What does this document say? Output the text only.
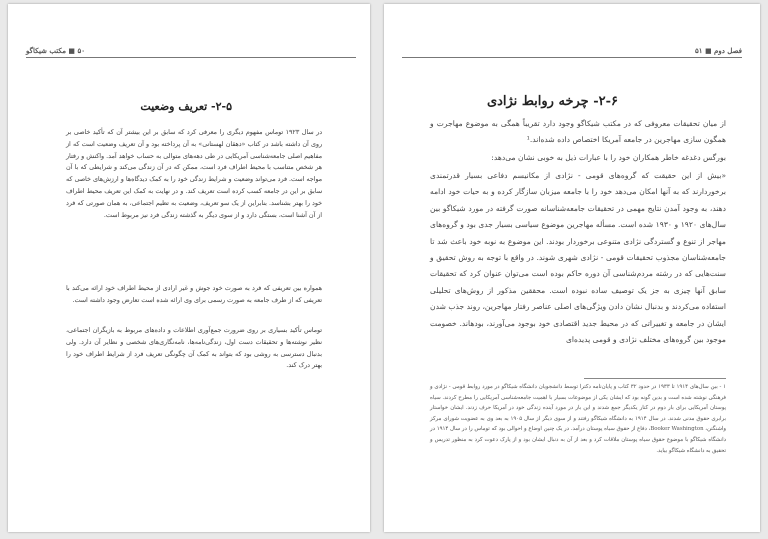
۵۰ ■ مکتب شیکاگو
۲-۵- تعریف وضعیت

در سال ۱۹۲۳ توماس مفهوم دیگری را معرفی کرد که سابق بر این بیشتر آن که تأکید خاصی بر روی آن داشته باشد در کتاب «دهقان لهستانی» به آن پرداخته بود و آن تعریف وضعیت است که از مفاهیم اصلی جامعه‌شناسی آمریکایی در طی دهه‌های متوالی به حساب خواهد آمد. واکنش و رفتار هر شخص متناسب با محیط اطراف فرد است، ممکن که در آن زندگی می‌کند و شرایطی که با آن مواجه است. فرد می‌تواند وضعیت و شرایط زندگی خود را به کمک دیدگاه‌ها و ارزش‌های خاصی که سابق بر این در جامعه کسب کرده است تعریف کند. و در نهایت به کمک این تعریف محیط اطراف خود را بهتر بشناسد. بنابراین از یک سو تعریف، وضعیت به تظیم اجتماعی، به همان صورتی که فرد از آن آشنا است، بستگی دارد و از سوی دیگر به گذشته زندگی فرد نیز مربوط است.

همواره بین تعریفی که فرد به صورت خود جوش و غیر ارادی از محیط اطراف خود ارائه می‌کند با تعریفی که از طرف جامعه به صورت رسمی برای وی ارائه شده است تعارض وجود داشته است.

توماس تأکید بسیاری بر روی ضرورت جمع‌آوری اطلاعات و داده‌های مربوط به بازیگران اجتماعی، نظیر نوشته‌ها و تحقیقات دست اول، زندگی‌نامه‌ها، نامه‌نگاری‌های شخصی و نظایر آن دارد. ولی بدنبال دسترسی به روشی بود که بتواند به کمک آن چگونگی تعریف فرد از شرایط اطراف خود را بهتر درک کند.

فصل دوم ■ ۵۱
۲-۶- چرخه روابط نژادی

از میان تحقیقات معروفی که در مکتب شیکاگو وجود دارد تقریباً همگی به موضوع مهاجرت و همگون سازی مهاجرین در جامعه آمریکا اختصاص داده شده‌اند.¹

بورگس دغدغه خاطر همکاران خود را با عبارات ذیل به خوبی نشان می‌دهد:

«بیش از این حقیقت که گروه‌های قومی - نژادی از مکانیسم دفاعی بسیار قدرتمندی برخوردارند که به آنها امکان می‌دهد خود را با جامعه میزبان سازگار کرده و به حیات خود ادامه دهند، به وجود آمدن نتایج مهمی در تحقیقات جامعه‌شناسانه صورت گرفته در مورد شیکاگو بین سال‌های ۱۹۲۰ و ۱۹۳۰ شده است. مسأله مهاجرین موضوع سیاسی بسیار جدی بود و گروه‌های مهاجر از تنوع و گستردگی نژادی متنوعی برخوردار بودند. این موضوع به نوبه خود باعث شد تا جامعه‌شناسان مجذوب تحقیقات قومی - نژادی شهری شوند. در واقع با توجه به روش تحقیق و سنت‌هایی که در رشته مردم‌شناسی آن دوره حاکم بوده است می‌توان عنوان کرد که تحقیقات سابق آنها چیزی به جز یک توصیف ساده نبوده است. محققین مذکور از روش‌های تحلیلی استفاده می‌کردند و بدنبال نشان دادن ویژگی‌های اصلی عناصر رفتار مهاجرین، روند جذب شدن ایشان در جامعه و تغییراتی که در محیط جدید اقتصادی خود بوجود می‌آورند، بودهاند. خصومت موجود بین گروه‌های مختلف نژادی و قومی پدیده‌ای

۱ - بین سال‌های ۱۹۱۴ تا ۱۹۳۳ در حدود ۳۲ کتاب و پایان‌نامه دکترا توسط دانشجویان دانشگاه شیکاگو در مورد روابط قومی - نژادی و فرهنگی نوشته شده است و بدین گونه بود که ایشان یکی از موضوعات بسیار با اهمیت جامعه‌شناسی آمریکایی را مطرح کردند. سیاه پوستان آمریکایی برای بار دوم در کنار یکدیگر جمع شدند و این بار در مورد آینده زندگی خود در آمریکا حرف زدند. ایشان خواستار برابری حقوق مدنی شدند. در سال ۱۹۱۴ به دانشگاه شیکاگو رفتند و از سوی دیگر از سال ۱۹۰۵ به بعد وی به عضویت شورای مرکز واشنگتن، Booker Washington، دفاع از حقوق سیاه پوستان درآمد. در یک چنین اوضاع و احوالی بود که توماس را در سال ۱۹۱۴ در دانشگاه شیکاگو با موضوع حقوق سیاه پوستان ملاقات کرد و بعد از آن به دنبال ایشان بود و از پارک دعوت کرد به منظور تدریس و تحقیق به دانشگاه شیکاگو بیاید.
